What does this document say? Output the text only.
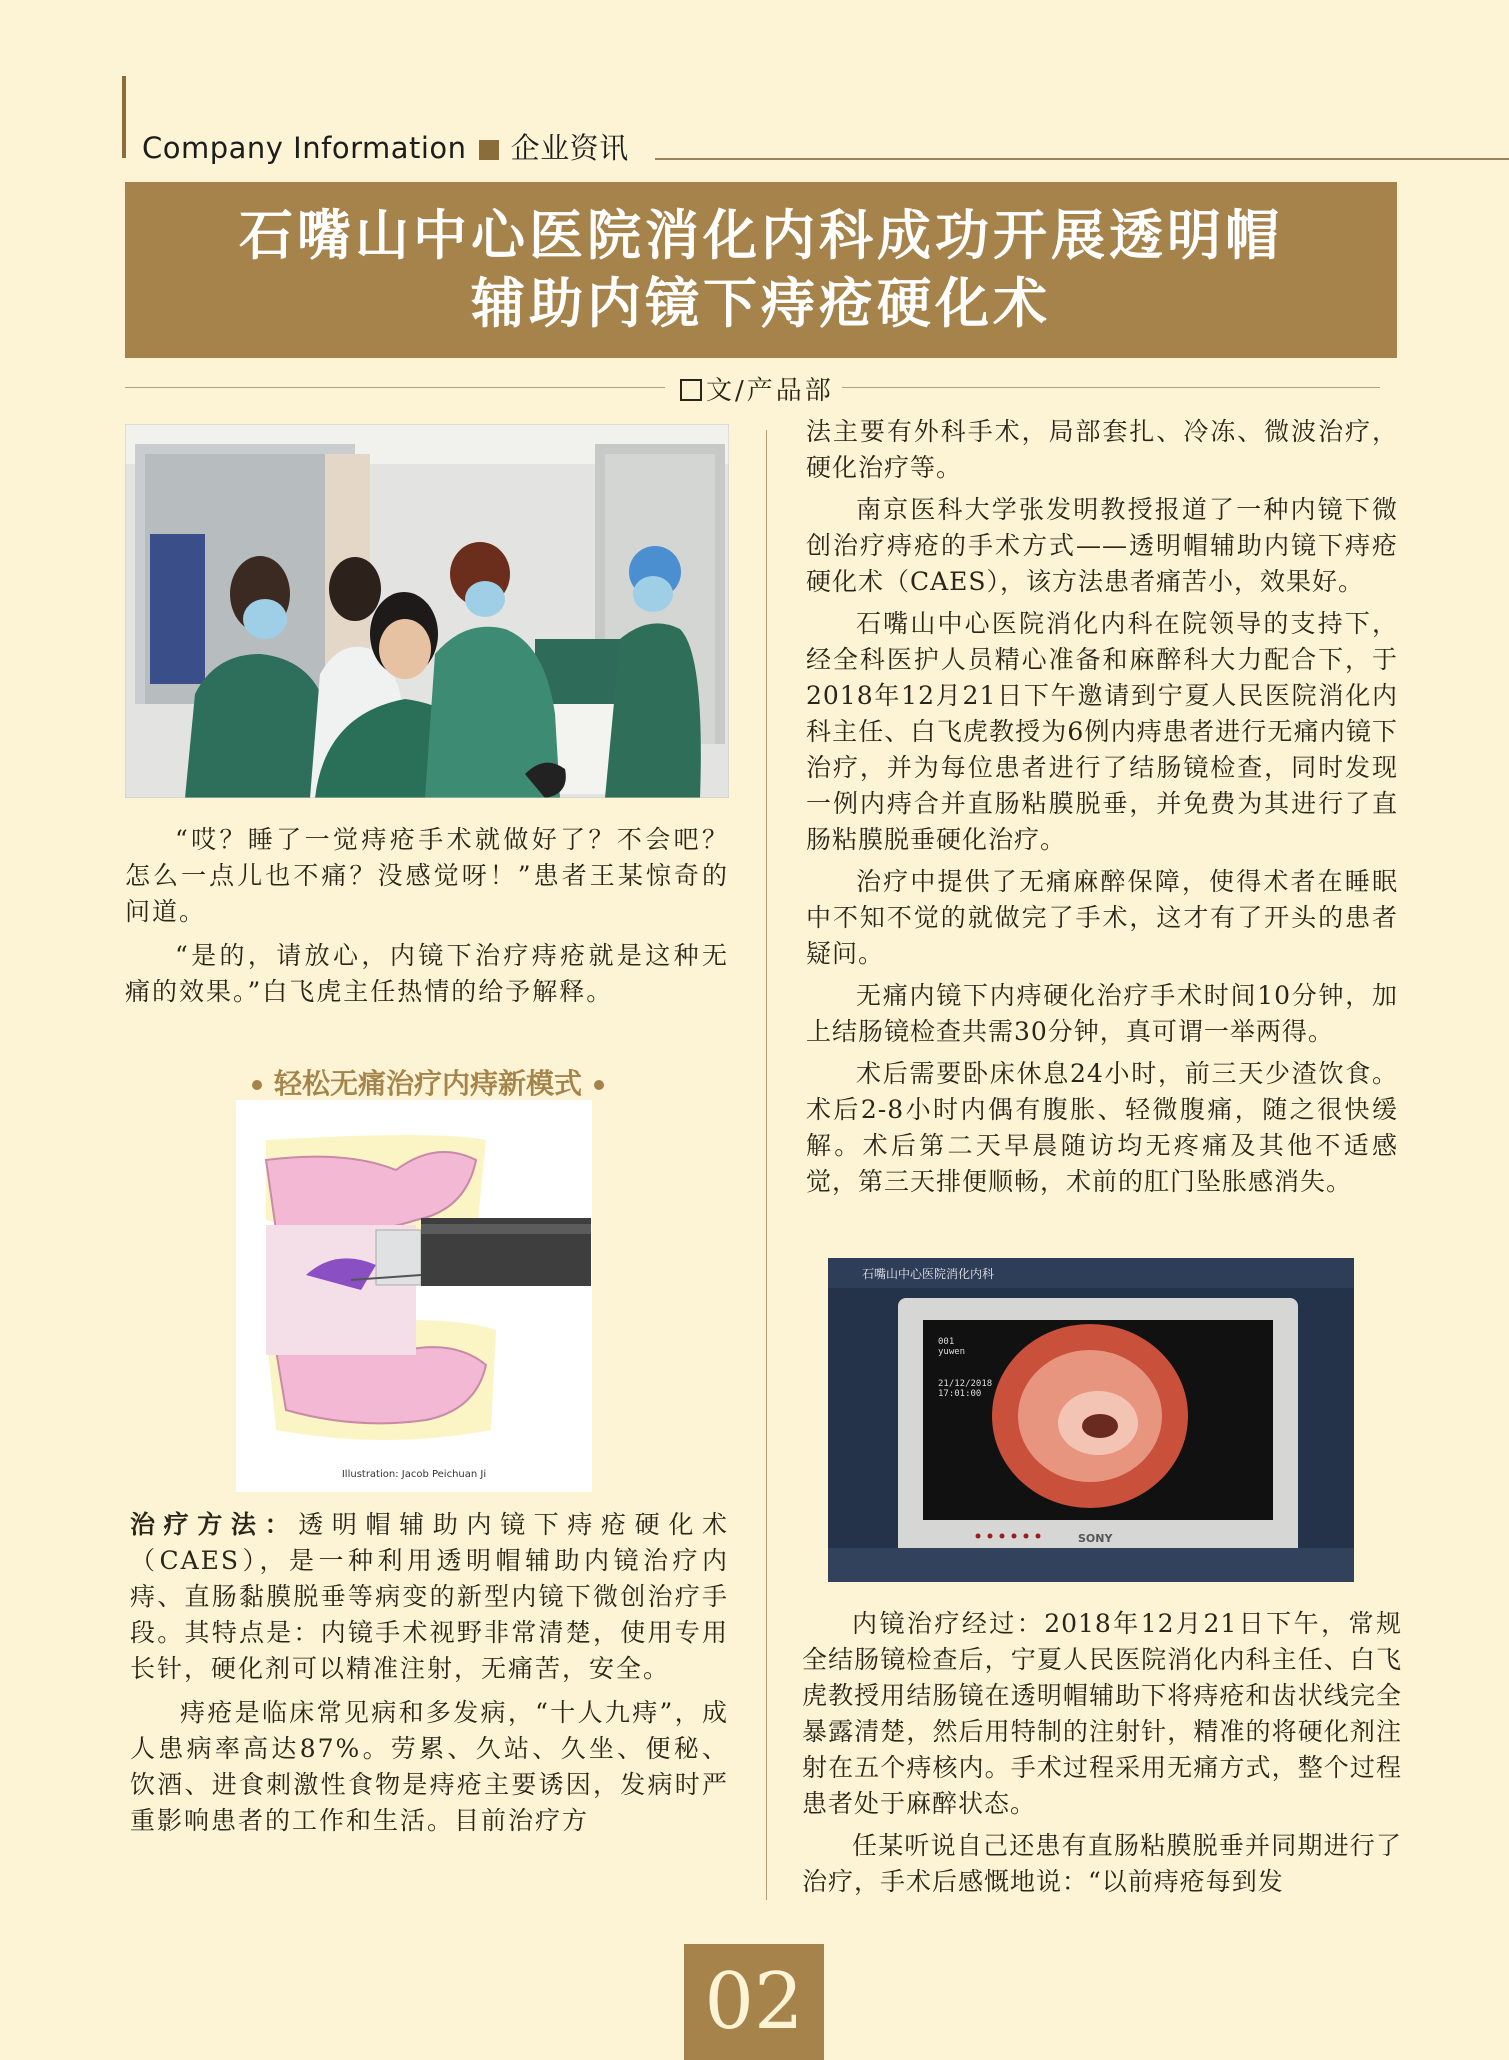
Company Information 企业资讯
石嘴山中心医院消化内科成功开展透明帽
辅助内镜下痔疮硬化术
文/产品部

“哎？睡了一觉痔疮手术就做好了？不会吧？怎么一点儿也不痛？没感觉呀！”患者王某惊奇的问道。

“是的，请放心，内镜下治疗痔疮就是这种无痛的效果。”白飞虎主任热情的给予解释。

轻松无痛治疗内痔新模式
Illustration: Jacob Peichuan Ji

治疗方法：透明帽辅助内镜下痔疮硬化术（CAES），是一种利用透明帽辅助内镜治疗内痔、直肠黏膜脱垂等病变的新型内镜下微创治疗手段。其特点是：内镜手术视野非常清楚，使用专用长针，硬化剂可以精准注射，无痛苦，安全。

痔疮是临床常见病和多发病，“十人九痔”，成人患病率高达87%。劳累、久站、久坐、便秘、饮酒、进食刺激性食物是痔疮主要诱因，发病时严重影响患者的工作和生活。目前治疗方

法主要有外科手术，局部套扎、冷冻、微波治疗，硬化治疗等。

南京医科大学张发明教授报道了一种内镜下微创治疗痔疮的手术方式——透明帽辅助内镜下痔疮硬化术（CAES），该方法患者痛苦小，效果好。

石嘴山中心医院消化内科在院领导的支持下，经全科医护人员精心准备和麻醉科大力配合下，于2018年12月21日下午邀请到宁夏人民医院消化内科主任、白飞虎教授为6例内痔患者进行无痛内镜下治疗，并为每位患者进行了结肠镜检查，同时发现一例内痔合并直肠粘膜脱垂，并免费为其进行了直肠粘膜脱垂硬化治疗。

治疗中提供了无痛麻醉保障，使得术者在睡眠中不知不觉的就做完了手术，这才有了开头的患者疑问。

无痛内镜下内痔硬化治疗手术时间10分钟，加上结肠镜检查共需30分钟，真可谓一举两得。

术后需要卧床休息24小时，前三天少渣饮食。术后2-8小时内偶有腹胀、轻微腹痛，随之很快缓解。术后第二天早晨随访均无疼痛及其他不适感觉，第三天排便顺畅，术前的肛门坠胀感消失。

石嘴山中心医院消化内科
001
yuwen
21/12/2018
17:01:00
SONY

内镜治疗经过：2018年12月21日下午，常规全结肠镜检查后，宁夏人民医院消化内科主任、白飞虎教授用结肠镜在透明帽辅助下将痔疮和齿状线完全暴露清楚，然后用特制的注射针，精准的将硬化剂注射在五个痔核内。手术过程采用无痛方式，整个过程患者处于麻醉状态。

任某听说自己还患有直肠粘膜脱垂并同期进行了治疗，手术后感慨地说：“以前痔疮每到发

02
